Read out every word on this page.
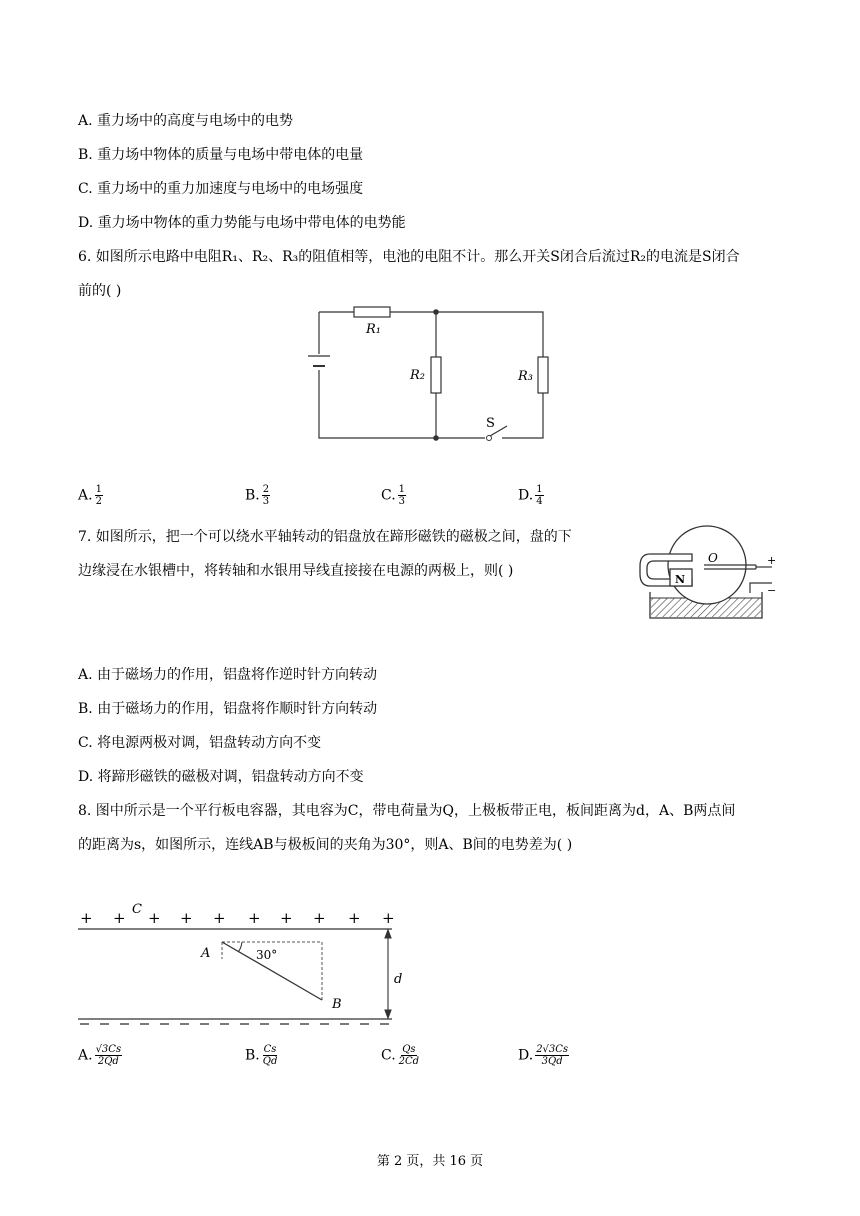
A. 重力场中的高度与电场中的电势
B. 重力场中物体的质量与电场中带电体的电量
C. 重力场中的重力加速度与电场中的电场强度
D. 重力场中物体的重力势能与电场中带电体的电势能
6. 如图所示电路中电阻R₁、R₂、R₃的阻值相等，电池的电阻不计。那么开关S闭合后流过R₂的电流是S闭合
前的( )
R₁
R₂	R₃
S
A. $\frac{1}{2}$	B. $\frac{2}{3}$	C. $\frac{1}{3}$	D. $\frac{1}{4}$
7. 如图所示，把一个可以绕水平轴转动的铝盘放在蹄形磁铁的磁极之间，盘的下
边缘浸在水银槽中，将转轴和水银用导线直接接在电源的两极上，则( )
N
O	+
−
A. 由于磁场力的作用，铝盘将作逆时针方向转动
B. 由于磁场力的作用，铝盘将作顺时针方向转动
C. 将电源两极对调，铝盘转动方向不变
D. 将蹄形磁铁的磁极对调，铝盘转动方向不变
8. 图中所示是一个平行板电容器，其电容为C，带电荷量为Q，上极板带正电，板间距离为d，A、B两点间
的距离为s，如图所示，连线AB与极板间的夹角为30°，则A、B间的电势差为( )
+ + + + + + + + + +
C
30°
A
B
d
A. $\frac{√3Cs}{2Qd}$	B. $\frac{Cs}{Qd}$	C. $\frac{Qs}{2Cd}$	D. $\frac{2√3Cs}{3Qd}$
第 2 页，共 16 页
